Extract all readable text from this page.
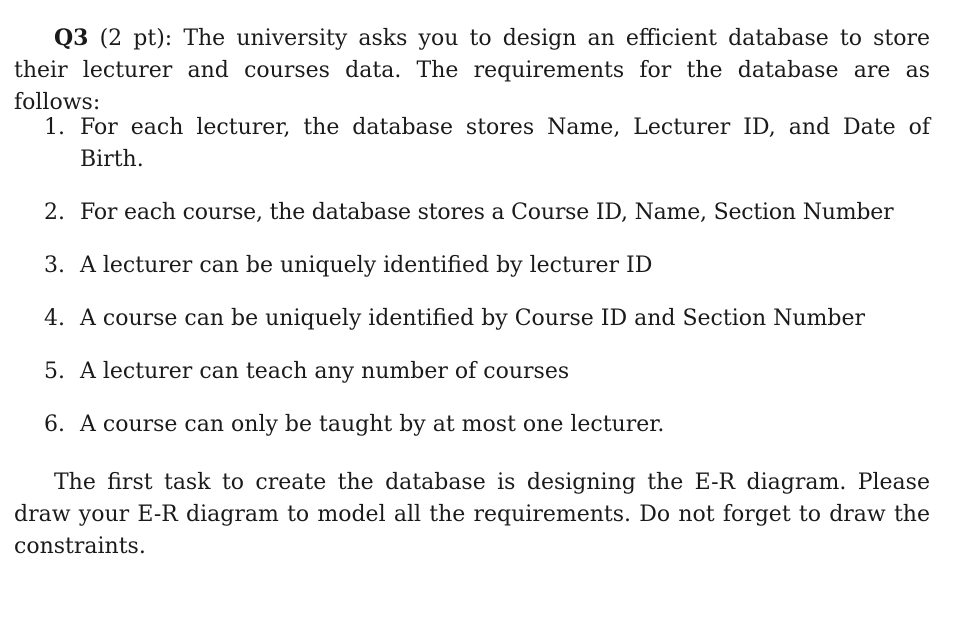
Q3 (2 pt): The university asks you to design an efficient database to store their lecturer and courses data. The requirements for the database are as follows:

1. For each lecturer, the database stores Name, Lecturer ID, and Date of Birth.
2. For each course, the database stores a Course ID, Name, Section Number
3. A lecturer can be uniquely identified by lecturer ID
4. A course can be uniquely identified by Course ID and Section Number
5. A lecturer can teach any number of courses
6. A course can only be taught by at most one lecturer.

The first task to create the database is designing the E-R diagram. Please draw your E-R diagram to model all the requirements. Do not forget to draw the constraints.
